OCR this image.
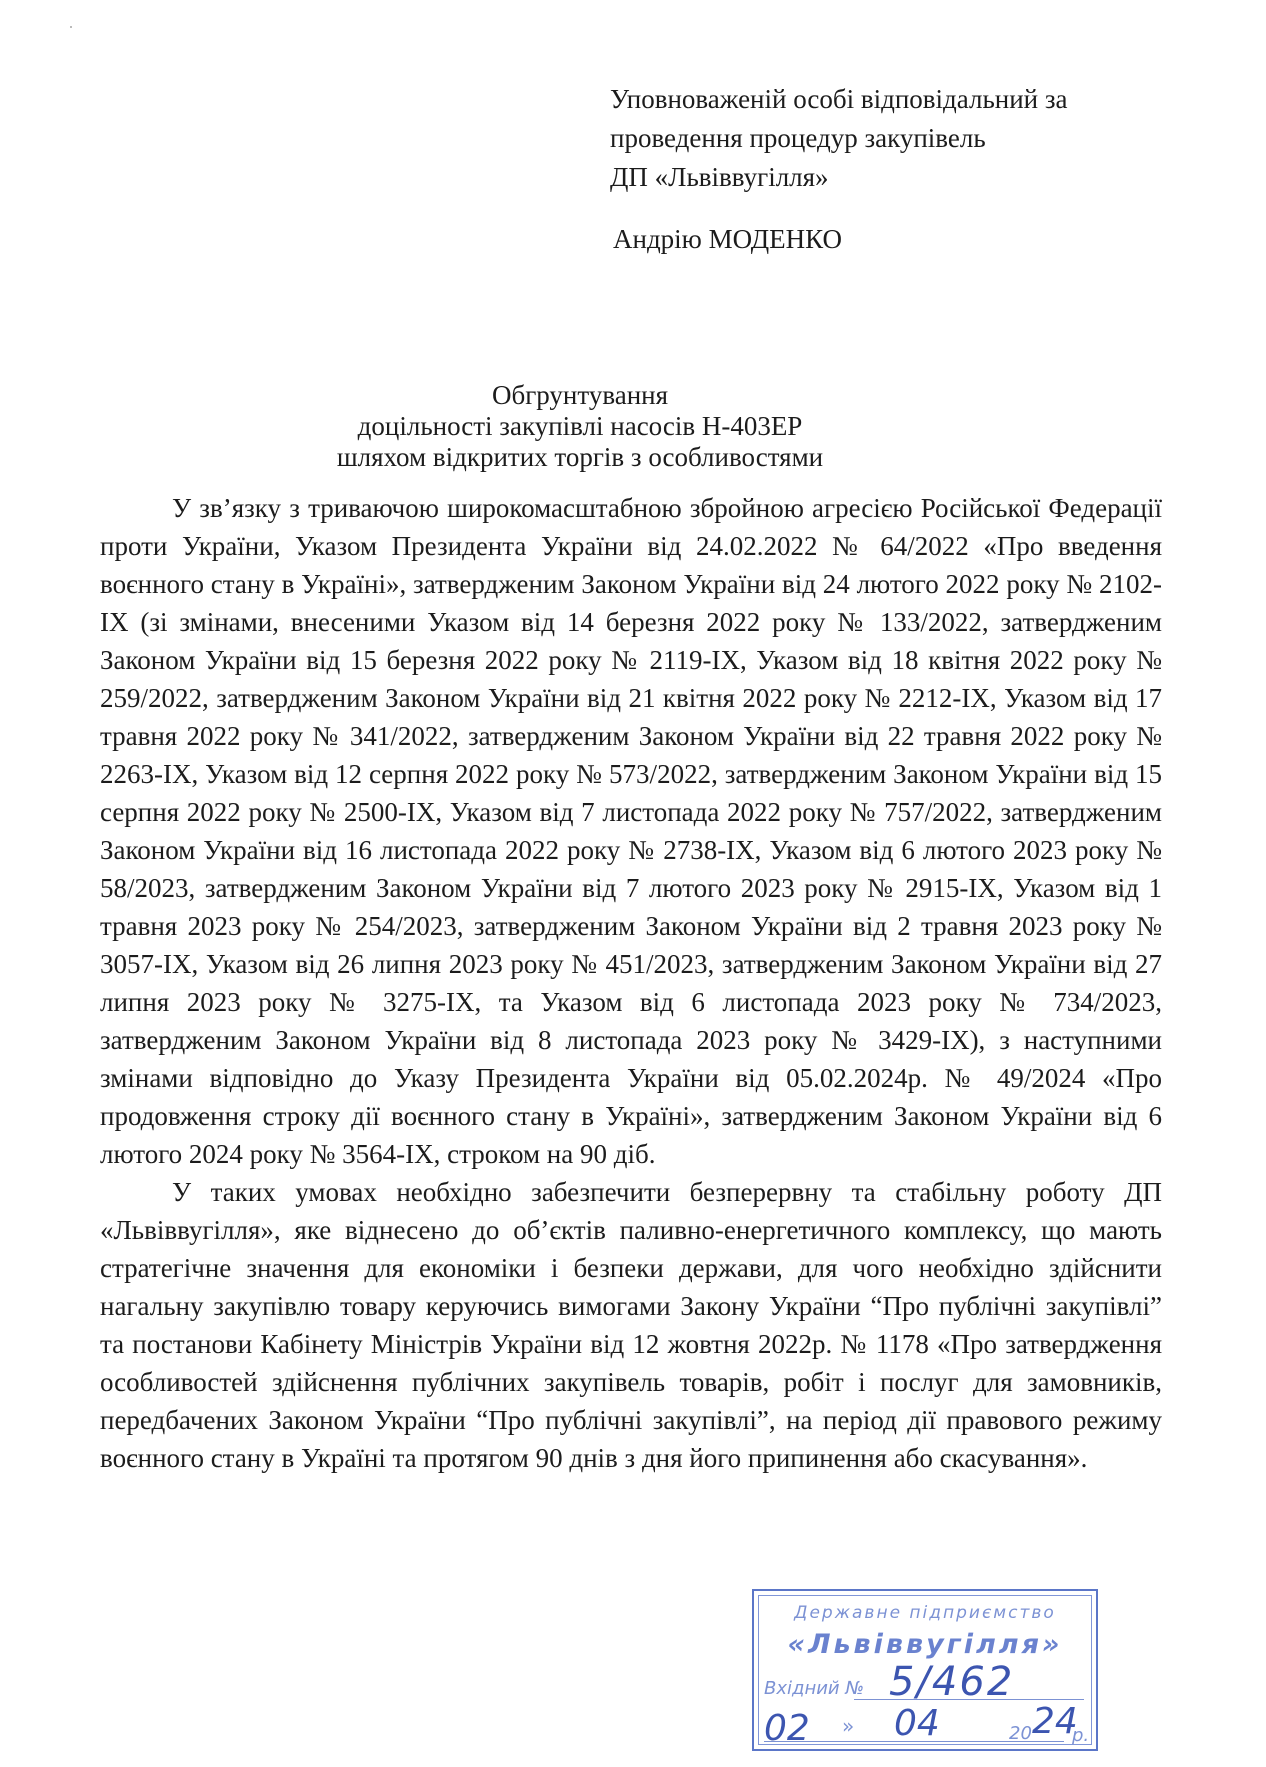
Уповноваженій особі відповідальний за
проведення процедур закупівель
ДП «Львіввугілля»
Андрію МОДЕНКО
Обгрунтування
доцільності закупівлі насосів Н-403ЕР
шляхом відкритих торгів з особливостями

У зв’язку з триваючою широкомасштабною збройною агресією Російської Федерації проти України, Указом Президента України від 24.02.2022 № 64/2022 «Про введення воєнного стану в Україні», затвердженим Законом України від 24 лютого 2022 року № 2102-IX (зі змінами, внесеними Указом від 14 березня 2022 року № 133/2022, затвердженим Законом України від 15 березня 2022 року № 2119-IX, Указом від 18 квітня 2022 року № 259/2022, затвердженим Законом України від 21 квітня 2022 року № 2212-IX, Указом від 17 травня 2022 року № 341/2022, затвердженим Законом України від 22 травня 2022 року № 2263-IX, Указом від 12 серпня 2022 року № 573/2022, затвердженим Законом України від 15 серпня 2022 року № 2500-IX, Указом від 7 листопада 2022 року № 757/2022, затвердженим Законом України від 16 листопада 2022 року № 2738-IX, Указом від 6 лютого 2023 року № 58/2023, затвердженим Законом України від 7 лютого 2023 року № 2915-IX, Указом від 1 травня 2023 року № 254/2023, затвердженим Законом України від 2 травня 2023 року № 3057-IX, Указом від 26 липня 2023 року № 451/2023, затвердженим Законом України від 27 липня 2023 року № 3275-IX, та Указом від 6 листопада 2023 року № 734/2023, затвердженим Законом України від 8 листопада 2023 року № 3429-IX), з наступними змінами відповідно до Указу Президента України від 05.02.2024р. № 49/2024 «Про продовження строку дії воєнного стану в Україні», затвердженим Законом України від 6 лютого 2024 року № 3564-IX, строком на 90 діб.

У таких умовах необхідно забезпечити безперервну та стабільну роботу ДП «Львіввугілля», яке віднесено до об’єктів паливно-енергетичного комплексу, що мають стратегічне значення для економіки і безпеки держави, для чого необхідно здійснити нагальну закупівлю товару керуючись вимогами Закону України “Про публічні закупівлі” та постанови Кабінету Міністрів України від 12 жовтня 2022р. № 1178 «Про затвердження особливостей здійснення публічних закупівель товарів, робіт і послуг для замовників, передбачених Законом України “Про публічні закупівлі”, на період дії правового режиму воєнного стану в Україні та протягом 90 днів з дня його припинення або скасування».

Державне підприємство
«Львіввугілля»
Вхідний № 5/462
02 » 04	20 24
р.
